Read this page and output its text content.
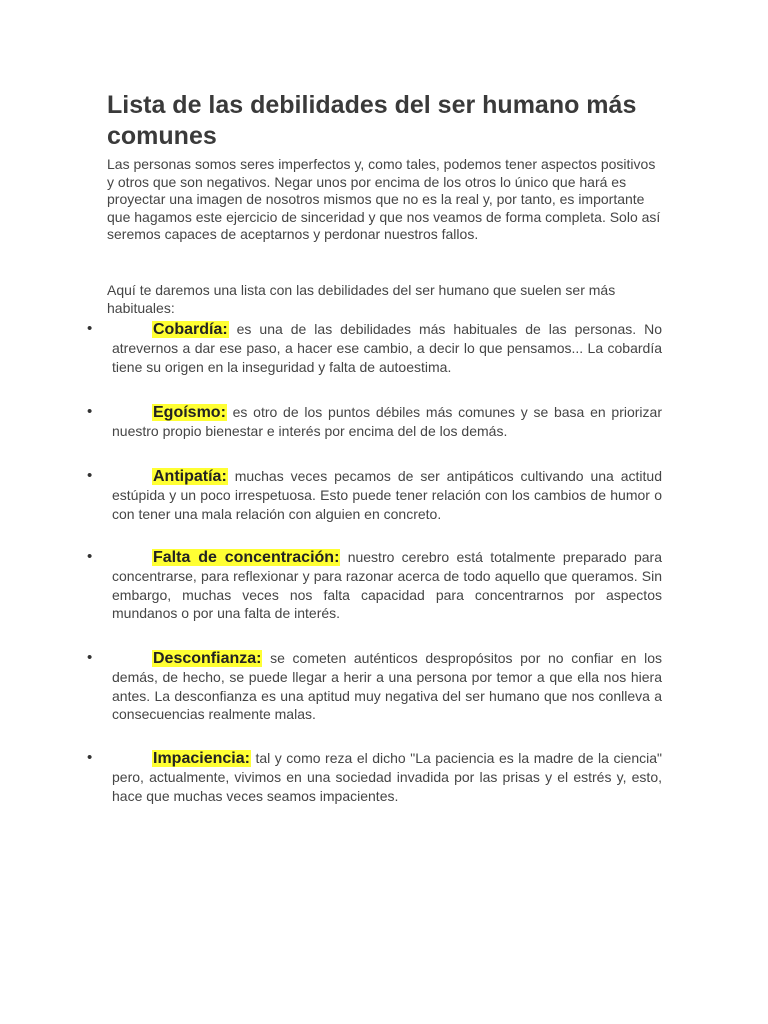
Lista de las debilidades del ser humano más comunes

Las personas somos seres imperfectos y, como tales, podemos tener aspectos positivos y otros que son negativos. Negar unos por encima de los otros lo único que hará es proyectar una imagen de nosotros mismos que no es la real y, por tanto, es importante que hagamos este ejercicio de sinceridad y que nos veamos de forma completa. Solo así seremos capaces de aceptarnos y perdonar nuestros fallos.

Aquí te daremos una lista con las debilidades del ser humano que suelen ser más habituales:

•	Cobardía: es una de las debilidades más habituales de las personas. No atrevernos a dar ese paso, a hacer ese cambio, a decir lo que pensamos... La cobardía tiene su origen en la inseguridad y falta de autoestima.
•	Egoísmo: es otro de los puntos débiles más comunes y se basa en priorizar nuestro propio bienestar e interés por encima del de los demás.
•	Antipatía: muchas veces pecamos de ser antipáticos cultivando una actitud estúpida y un poco irrespetuosa. Esto puede tener relación con los cambios de humor o con tener una mala relación con alguien en concreto.
•	Falta de concentración: nuestro cerebro está totalmente preparado para concentrarse, para reflexionar y para razonar acerca de todo aquello que queramos. Sin embargo, muchas veces nos falta capacidad para concentrarnos por aspectos mundanos o por una falta de interés.
•	Desconfianza: se cometen auténticos despropósitos por no confiar en los demás, de hecho, se puede llegar a herir a una persona por temor a que ella nos hiera antes. La desconfianza es una aptitud muy negativa del ser humano que nos conlleva a consecuencias realmente malas.
•	Impaciencia: tal y como reza el dicho "La paciencia es la madre de la ciencia" pero, actualmente, vivimos en una sociedad invadida por las prisas y el estrés y, esto, hace que muchas veces seamos impacientes.
